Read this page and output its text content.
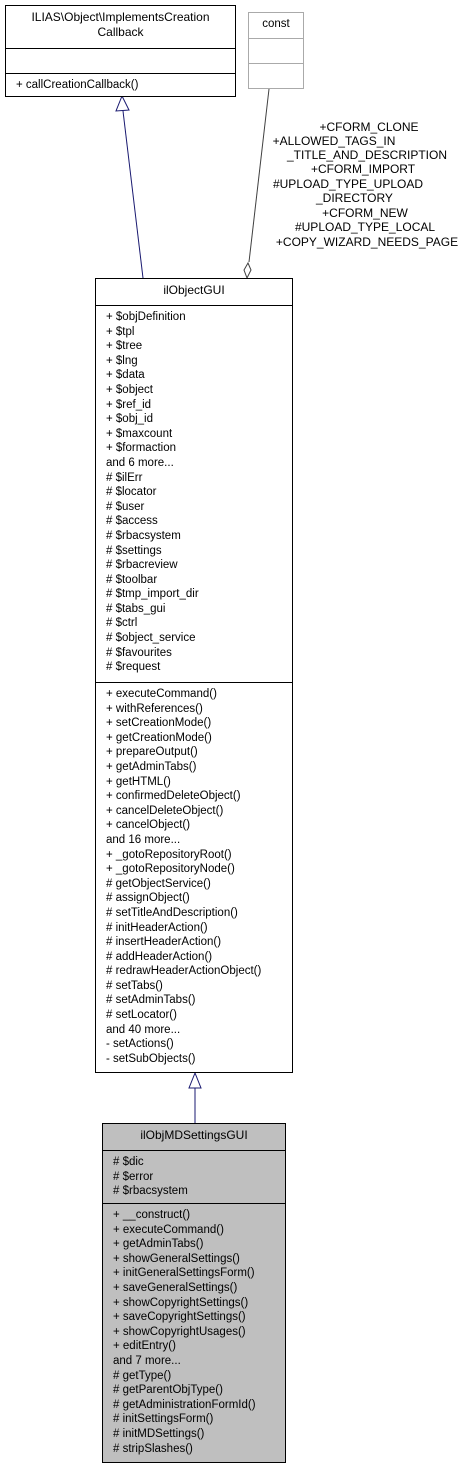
ILIAS\Object\ImplementsCreation
Callback
+ callCreationCallback()
const
+CFORM_CLONE
+ALLOWED_TAGS_IN
_TITLE_AND_DESCRIPTION
+CFORM_IMPORT
#UPLOAD_TYPE_UPLOAD
_DIRECTORY
+CFORM_NEW
#UPLOAD_TYPE_LOCAL
+COPY_WIZARD_NEEDS_PAGE
ilObjectGUI
+ $objDefinition
+ $tpl
+ $tree
+ $lng
+ $data
+ $object
+ $ref_id
+ $obj_id
+ $maxcount
+ $formaction
and 6 more...
# $ilErr
# $locator
# $user
# $access
# $rbacsystem
# $settings
# $rbacreview
# $toolbar
# $tmp_import_dir
# $tabs_gui
# $ctrl
# $object_service
# $favourites
# $request
+ executeCommand()
+ withReferences()
+ setCreationMode()
+ getCreationMode()
+ prepareOutput()
+ getAdminTabs()
+ getHTML()
+ confirmedDeleteObject()
+ cancelDeleteObject()
+ cancelObject()
and 16 more...
+ _gotoRepositoryRoot()
+ _gotoRepositoryNode()
# getObjectService()
# assignObject()
# setTitleAndDescription()
# initHeaderAction()
# insertHeaderAction()
# addHeaderAction()
# redrawHeaderActionObject()
# setTabs()
# setAdminTabs()
# setLocator()
and 40 more...
- setActions()
- setSubObjects()
ilObjMDSettingsGUI
# $dic
# $error
# $rbacsystem
+ __construct()
+ executeCommand()
+ getAdminTabs()
+ showGeneralSettings()
+ initGeneralSettingsForm()
+ saveGeneralSettings()
+ showCopyrightSettings()
+ saveCopyrightSettings()
+ showCopyrightUsages()
+ editEntry()
and 7 more...
# getType()
# getParentObjType()
# getAdministrationFormId()
# initSettingsForm()
# initMDSettings()
# stripSlashes()
